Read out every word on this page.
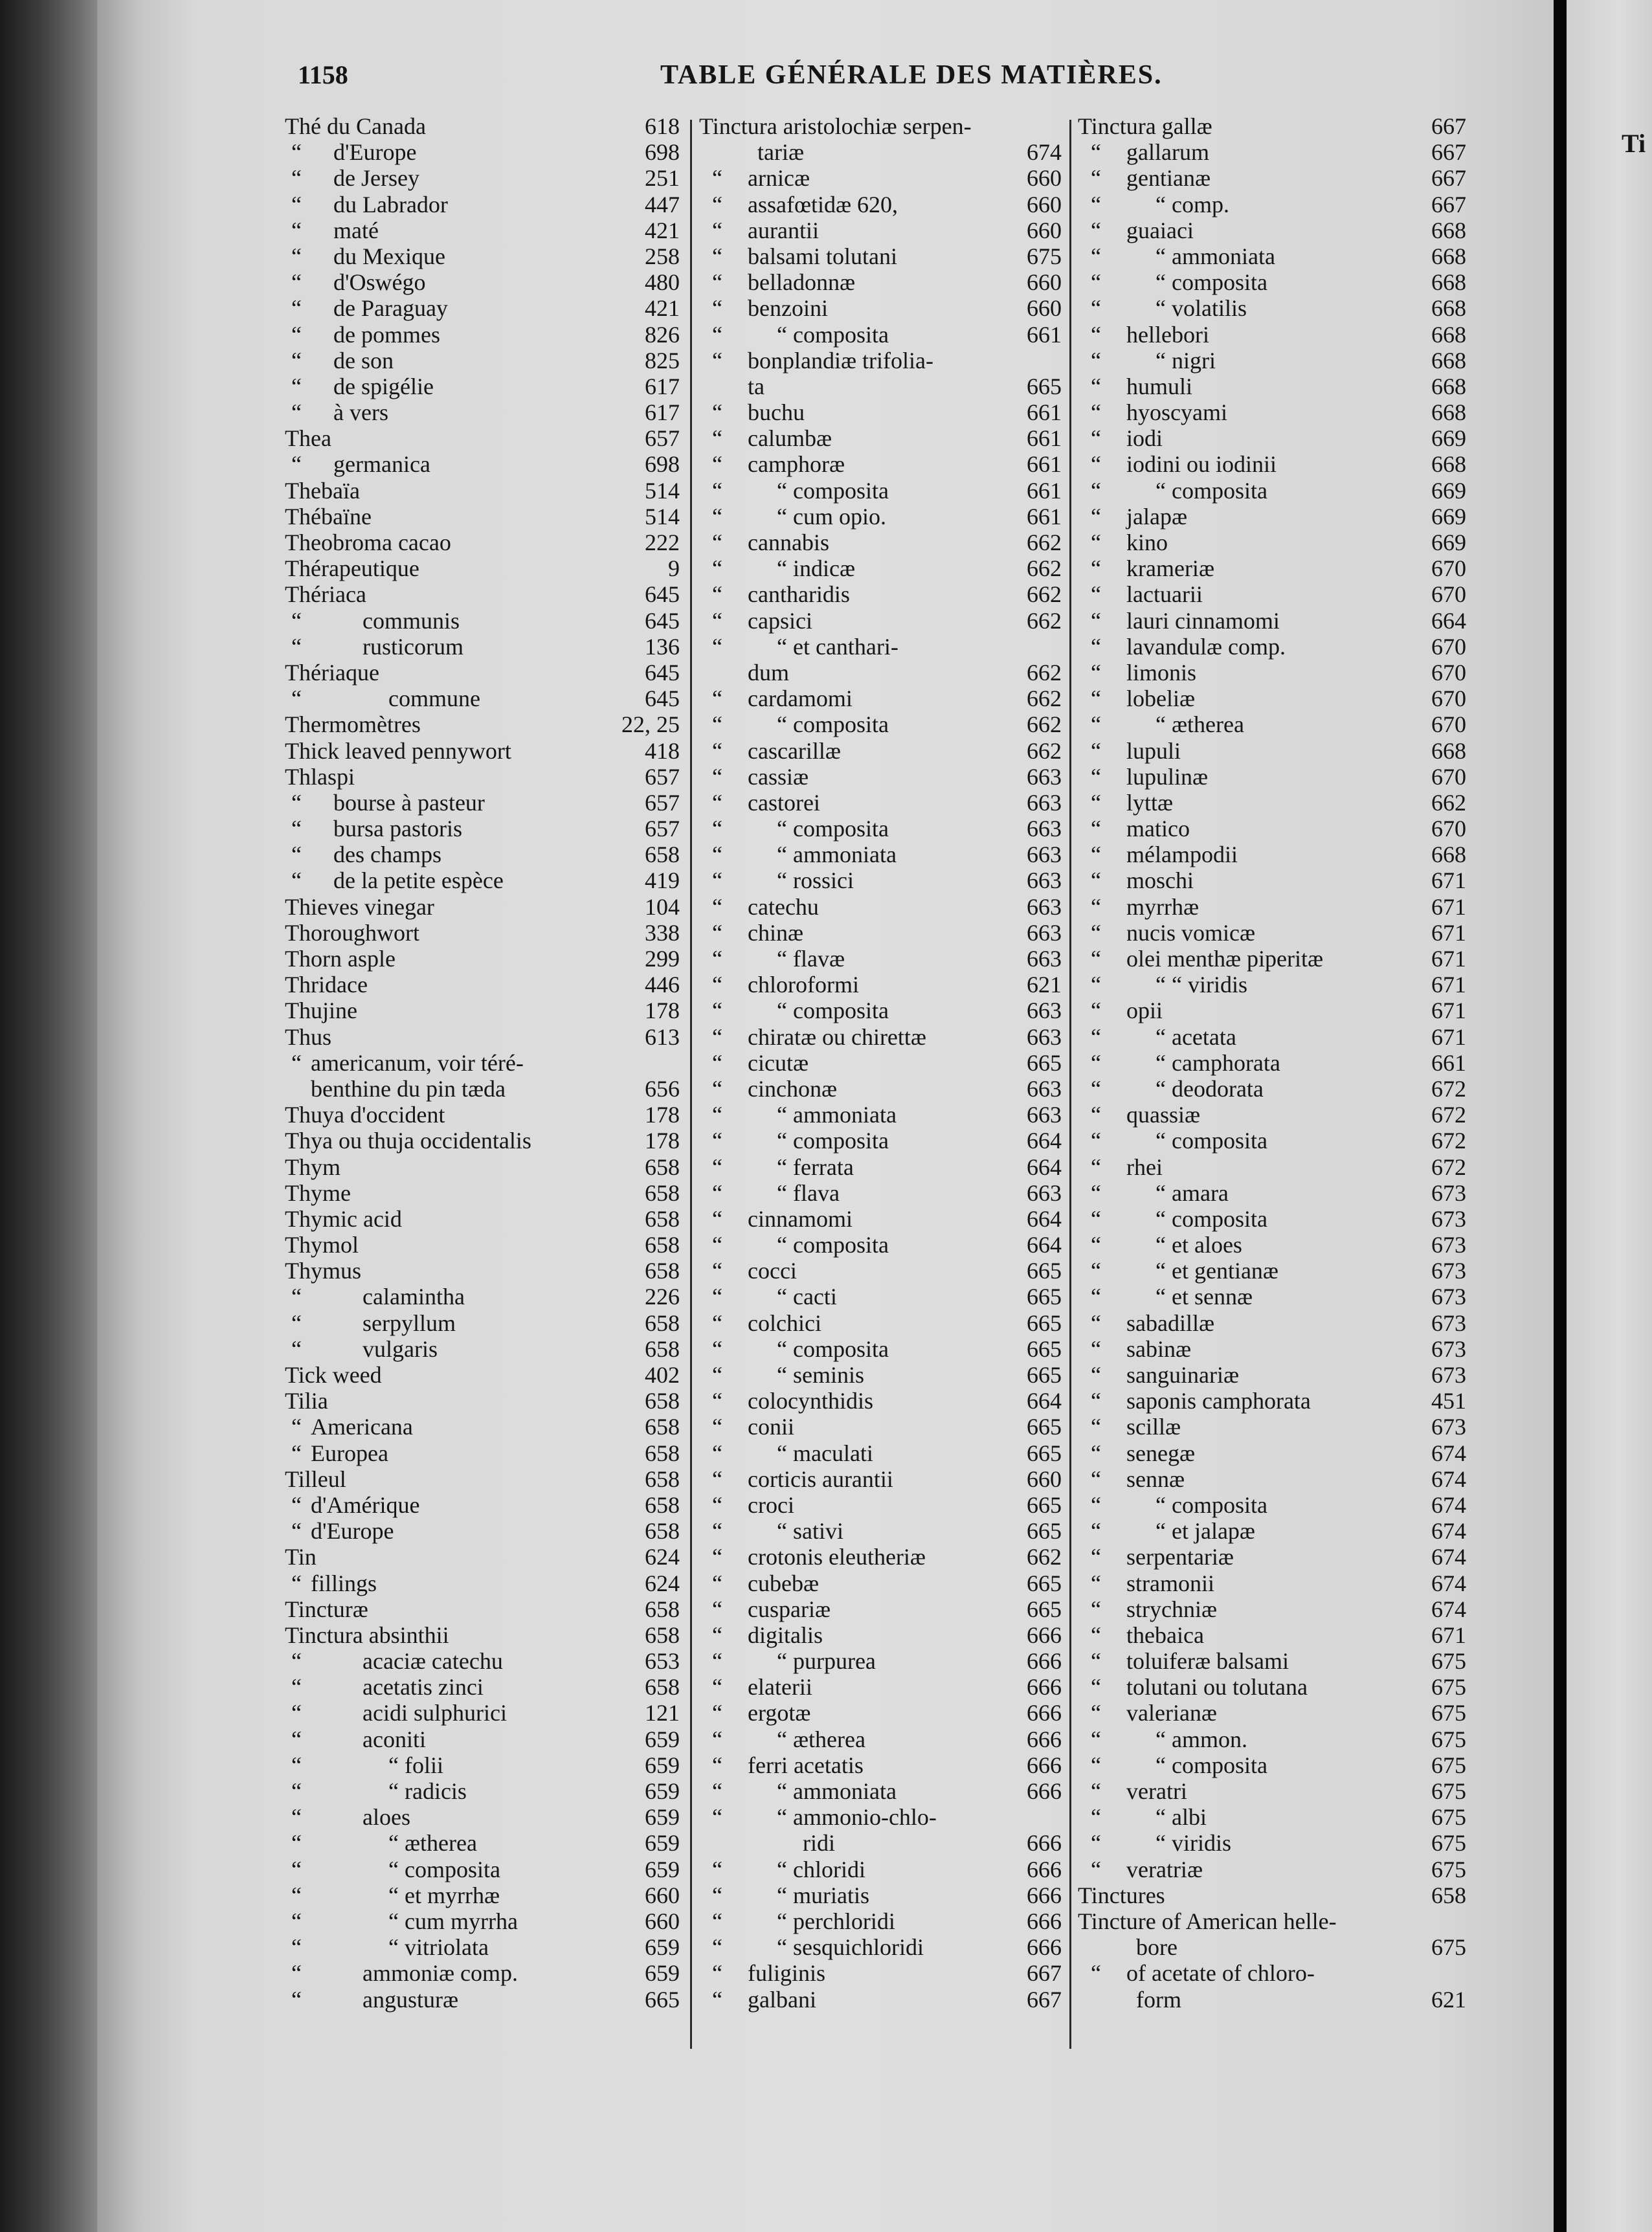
Ti
1158	TABLE GÉNÉRALE DES MATIÈRES.
Thé du Canada	618
“ d'Europe	698
“ de Jersey	251
“ du Labrador	447
“ maté	421
“ du Mexique	258
“ d'Oswégo	480
“ de Paraguay	421
“ de pommes	826
“ de son	825
“ de spigélie	617
“ à vers	617
Thea	657
“ germanica	698
Thebaïa	514
Thébaïne	514
Theobroma cacao	222
Thérapeutique	9
Thériaca	645
“	communis	645
“	rusticorum	136
Thériaque	645
“	commune	645
Thermomètres	22, 25
Thick leaved pennywort	418
Thlaspi	657
“ bourse à pasteur	657
“ bursa pastoris	657
“ des champs	658
“ de la petite espèce	419
Thieves vinegar	104
Thoroughwort	338
Thorn asple	299
Thridace	446
Thujine	178
Thus	613
“ americanum, voir téré-
benthine du pin tæda	656
Thuya d'occident	178
Thya ou thuja occidentalis	178
Thym	658
Thyme	658
Thymic acid	658
Thymol	658
Thymus	658
“	calamintha	226
“	serpyllum	658
“	vulgaris	658
Tick weed	402
Tilia	658
“ Americana	658
“ Europea	658
Tilleul	658
“ d'Amérique	658
“ d'Europe	658
Tin	624
“ fillings	624
Tincturæ	658
Tinctura absinthii	658
“	acaciæ catechu	653
“	acetatis zinci	658
“	acidi sulphurici	121
“	aconiti	659
“	“ folii	659
“	“ radicis	659
“	aloes	659
“	“ ætherea	659
“	“ composita	659
“	“ et myrrhæ	660
“	“ cum myrrha	660
“	“ vitriolata	659
“	ammoniæ comp.	659
“	angusturæ	665
Tinctura aristolochiæ serpen-
tariæ	674
“ arnicæ	660
“ assafœtidæ 620,	660
“ aurantii	660
“ balsami tolutani	675
“ belladonnæ	660
“ benzoini	660
“ “ composita	661
“ bonplandiæ trifolia-
ta	665
“ buchu	661
“ calumbæ	661
“ camphoræ	661
“ “ composita	661
“ “ cum opio.	661
“ cannabis	662
“ “ indicæ	662
“ cantharidis	662
“ capsici	662
“ “ et canthari-
dum	662
“ cardamomi	662
“ “ composita	662
“ cascarillæ	662
“ cassiæ	663
“ castorei	663
“ “ composita	663
“ “ ammoniata	663
“ “ rossici	663
“ catechu	663
“ chinæ	663
“ “ flavæ	663
“ chloroformi	621
“ “ composita	663
“ chiratæ ou chirettæ	663
“ cicutæ	665
“ cinchonæ	663
“ “ ammoniata	663
“ “ composita	664
“ “ ferrata	664
“ “ flava	663
“ cinnamomi	664
“ “ composita	664
“ cocci	665
“ “ cacti	665
“ colchici	665
“ “ composita	665
“ “ seminis	665
“ colocynthidis	664
“ conii	665
“ “ maculati	665
“ corticis aurantii	660
“ croci	665
“ “ sativi	665
“ crotonis eleutheriæ	662
“ cubebæ	665
“ cuspariæ	665
“ digitalis	666
“ “ purpurea	666
“ elaterii	666
“ ergotæ	666
“ “ ætherea	666
“ ferri acetatis	666
“ “ ammoniata	666
“ “ ammonio-chlo-
ridi	666
“ “ chloridi	666
“ “ muriatis	666
“ “ perchloridi	666
“ “ sesquichloridi	666
“ fuliginis	667
“ galbani	667
Tinctura gallæ	667
“ gallarum	667
“ gentianæ	667
“ “ comp.	667
“ guaiaci	668
“ “ ammoniata	668
“ “ composita	668
“ “ volatilis	668
“ hellebori	668
“ “ nigri	668
“ humuli	668
“ hyoscyami	668
“ iodi	669
“ iodini ou iodinii	668
“ “ composita	669
“ jalapæ	669
“ kino	669
“ krameriæ	670
“ lactuarii	670
“ lauri cinnamomi	664
“ lavandulæ comp.	670
“ limonis	670
“ lobeliæ	670
“ “ ætherea	670
“ lupuli	668
“ lupulinæ	670
“ lyttæ	662
“ matico	670
“ mélampodii	668
“ moschi	671
“ myrrhæ	671
“ nucis vomicæ	671
“ olei menthæ piperitæ	671
“ “ “ viridis	671
“ opii	671
“ “ acetata	671
“ “ camphorata	661
“ “ deodorata	672
“ quassiæ	672
“ “ composita	672
“ rhei	672
“ “ amara	673
“ “ composita	673
“ “ et aloes	673
“ “ et gentianæ	673
“ “ et sennæ	673
“ sabadillæ	673
“ sabinæ	673
“ sanguinariæ	673
“ saponis camphorata	451
“ scillæ	673
“ senegæ	674
“ sennæ	674
“ “ composita	674
“ “ et jalapæ	674
“ serpentariæ	674
“ stramonii	674
“ strychniæ	674
“ thebaica	671
“ toluiferæ balsami	675
“ tolutani ou tolutana	675
“ valerianæ	675
“ “ ammon.	675
“ “ composita	675
“ veratri	675
“ “ albi	675
“ “ viridis	675
“ veratriæ	675
Tinctures	658
Tincture of American helle-
bore	675
“ of acetate of chloro-
form	621
